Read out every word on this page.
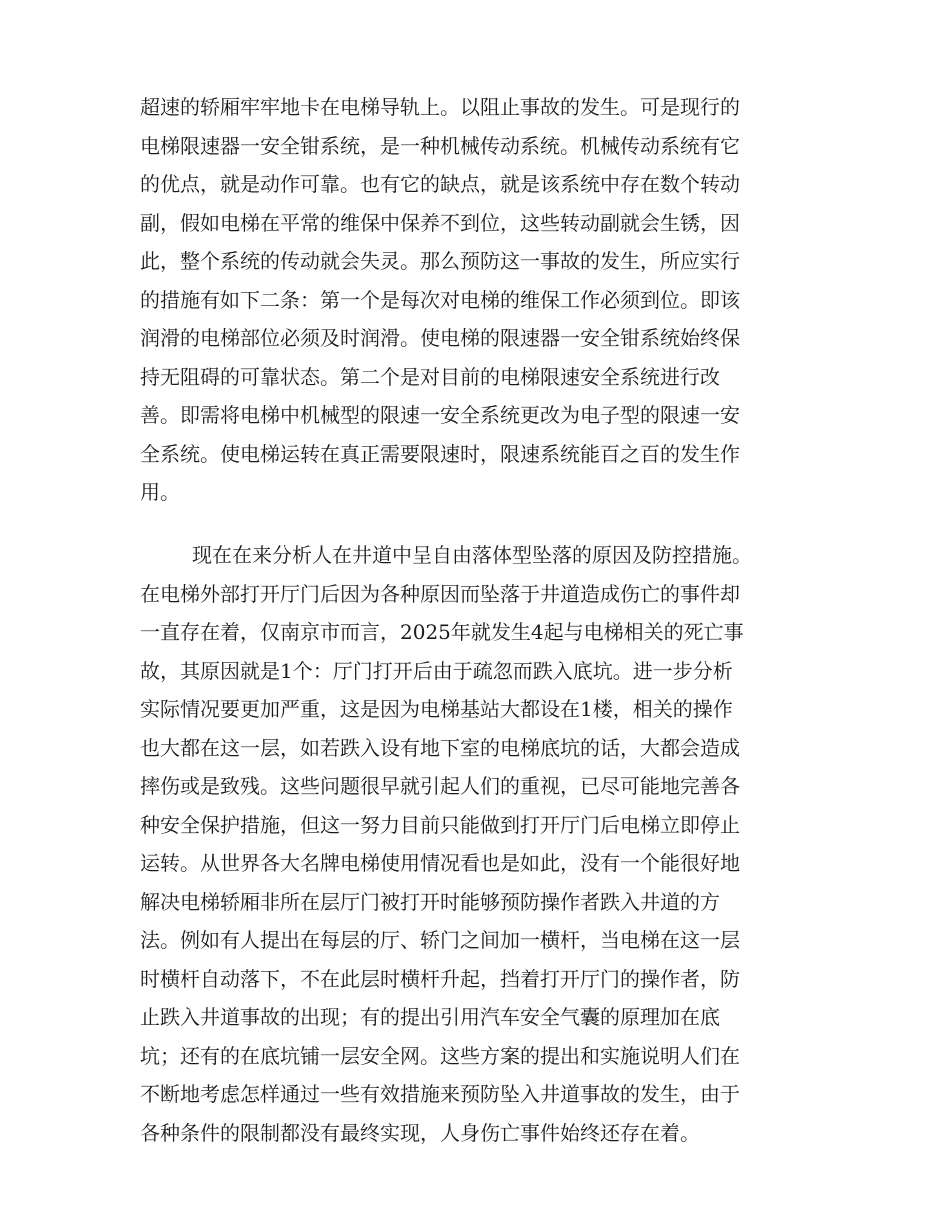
超速的轿厢牢牢地卡在电梯导轨上。以阻止事故的发生。可是现行的
电梯限速器一安全钳系统，是一种机械传动系统。机械传动系统有它
的优点，就是动作可靠。也有它的缺点，就是该系统中存在数个转动
副，假如电梯在平常的维保中保养不到位，这些转动副就会生锈，因
此，整个系统的传动就会失灵。那么预防这一事故的发生，所应实行
的措施有如下二条：第一个是每次对电梯的维保工作必须到位。即该
润滑的电梯部位必须及时润滑。使电梯的限速器一安全钳系统始终保
持无阻碍的可靠状态。第二个是对目前的电梯限速安全系统进行改
善。即需将电梯中机械型的限速一安全系统更改为电子型的限速一安
全系统。使电梯运转在真正需要限速时，限速系统能百之百的发生作
用。
现在在来分析人在井道中呈自由落体型坠落的原因及防控措施。
在电梯外部打开厅门后因为各种原因而坠落于井道造成伤亡的事件却
一直存在着，仅南京市而言，2025年就发生4起与电梯相关的死亡事
故，其原因就是1个：厅门打开后由于疏忽而跌入底坑。进一步分析
实际情况要更加严重，这是因为电梯基站大都设在1楼，相关的操作
也大都在这一层，如若跌入设有地下室的电梯底坑的话，大都会造成
摔伤或是致残。这些问题很早就引起人们的重视，已尽可能地完善各
种安全保护措施，但这一努力目前只能做到打开厅门后电梯立即停止
运转。从世界各大名牌电梯使用情况看也是如此，没有一个能很好地
解决电梯轿厢非所在层厅门被打开时能够预防操作者跌入井道的方
法。例如有人提出在每层的厅、轿门之间加一横杆，当电梯在这一层
时横杆自动落下，不在此层时横杆升起，挡着打开厅门的操作者，防
止跌入井道事故的出现；有的提出引用汽车安全气囊的原理加在底
坑；还有的在底坑铺一层安全网。这些方案的提出和实施说明人们在
不断地考虑怎样通过一些有效措施来预防坠入井道事故的发生，由于
各种条件的限制都没有最终实现，人身伤亡事件始终还存在着。
